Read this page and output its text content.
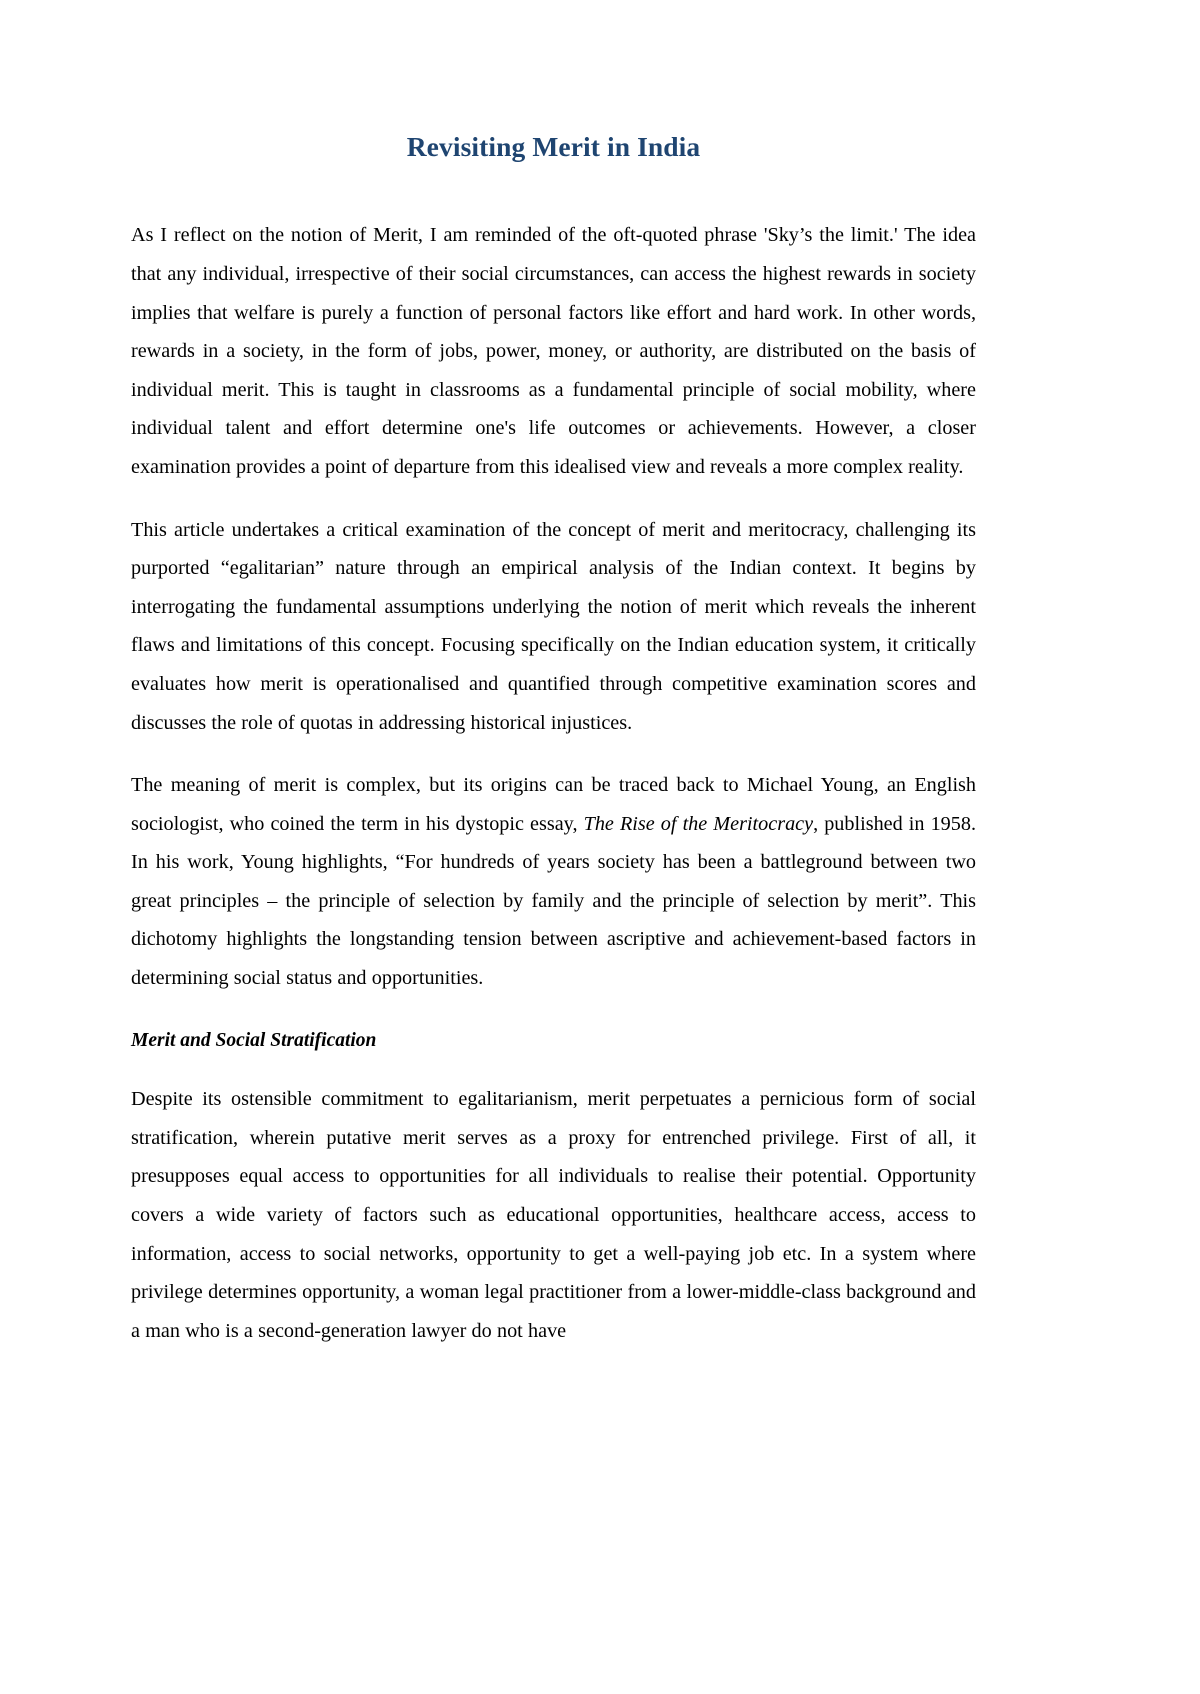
Revisiting Merit in India

As I reflect on the notion of Merit, I am reminded of the oft-quoted phrase 'Sky’s the limit.' The idea that any individual, irrespective of their social circumstances, can access the highest rewards in society implies that welfare is purely a function of personal factors like effort and hard work. In other words, rewards in a society, in the form of jobs, power, money, or authority, are distributed on the basis of individual merit. This is taught in classrooms as a fundamental principle of social mobility, where individual talent and effort determine one's life outcomes or achievements. However, a closer examination provides a point of departure from this idealised view and reveals a more complex reality.

This article undertakes a critical examination of the concept of merit and meritocracy, challenging its purported “egalitarian” nature through an empirical analysis of the Indian context. It begins by interrogating the fundamental assumptions underlying the notion of merit which reveals the inherent flaws and limitations of this concept. Focusing specifically on the Indian education system, it critically evaluates how merit is operationalised and quantified through competitive examination scores and discusses the role of quotas in addressing historical injustices.

The meaning of merit is complex, but its origins can be traced back to Michael Young, an English sociologist, who coined the term in his dystopic essay, The Rise of the Meritocracy, published in 1958. In his work, Young highlights, “For hundreds of years society has been a battleground between two great principles – the principle of selection by family and the principle of selection by merit”. This dichotomy highlights the longstanding tension between ascriptive and achievement-based factors in determining social status and opportunities.

Merit and Social Stratification

Despite its ostensible commitment to egalitarianism, merit perpetuates a pernicious form of social stratification, wherein putative merit serves as a proxy for entrenched privilege. First of all, it presupposes equal access to opportunities for all individuals to realise their potential. Opportunity covers a wide variety of factors such as educational opportunities, healthcare access, access to information, access to social networks, opportunity to get a well-paying job etc. In a system where privilege determines opportunity, a woman legal practitioner from a lower-middle-class background and a man who is a second-generation lawyer do not have
